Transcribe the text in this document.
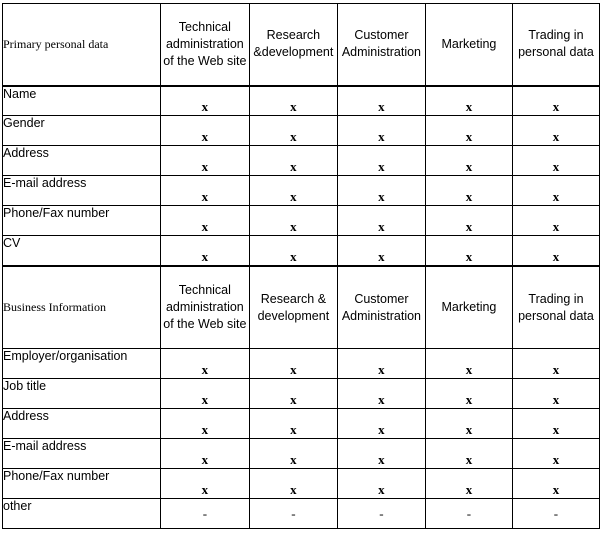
Primary personal data	Technical administration of the Web site	Research &development	Customer Administration	Marketing	Trading in personal data
Name	x	x	x	x	x
Gender	x	x	x	x	x
Address	x	x	x	x	x
E-mail address	x	x	x	x	x
Phone/Fax number	x	x	x	x	x
CV	x	x	x	x	x
Business Information	Technical administration of the Web site	Research & development	Customer Administration	Marketing	Trading in personal data
Employer/organisation	x	x	x	x	x
Job title	x	x	x	x	x
Address	x	x	x	x	x
E-mail address	x	x	x	x	x
Phone/Fax number	x	x	x	x	x
other	-	-	-	-	-
